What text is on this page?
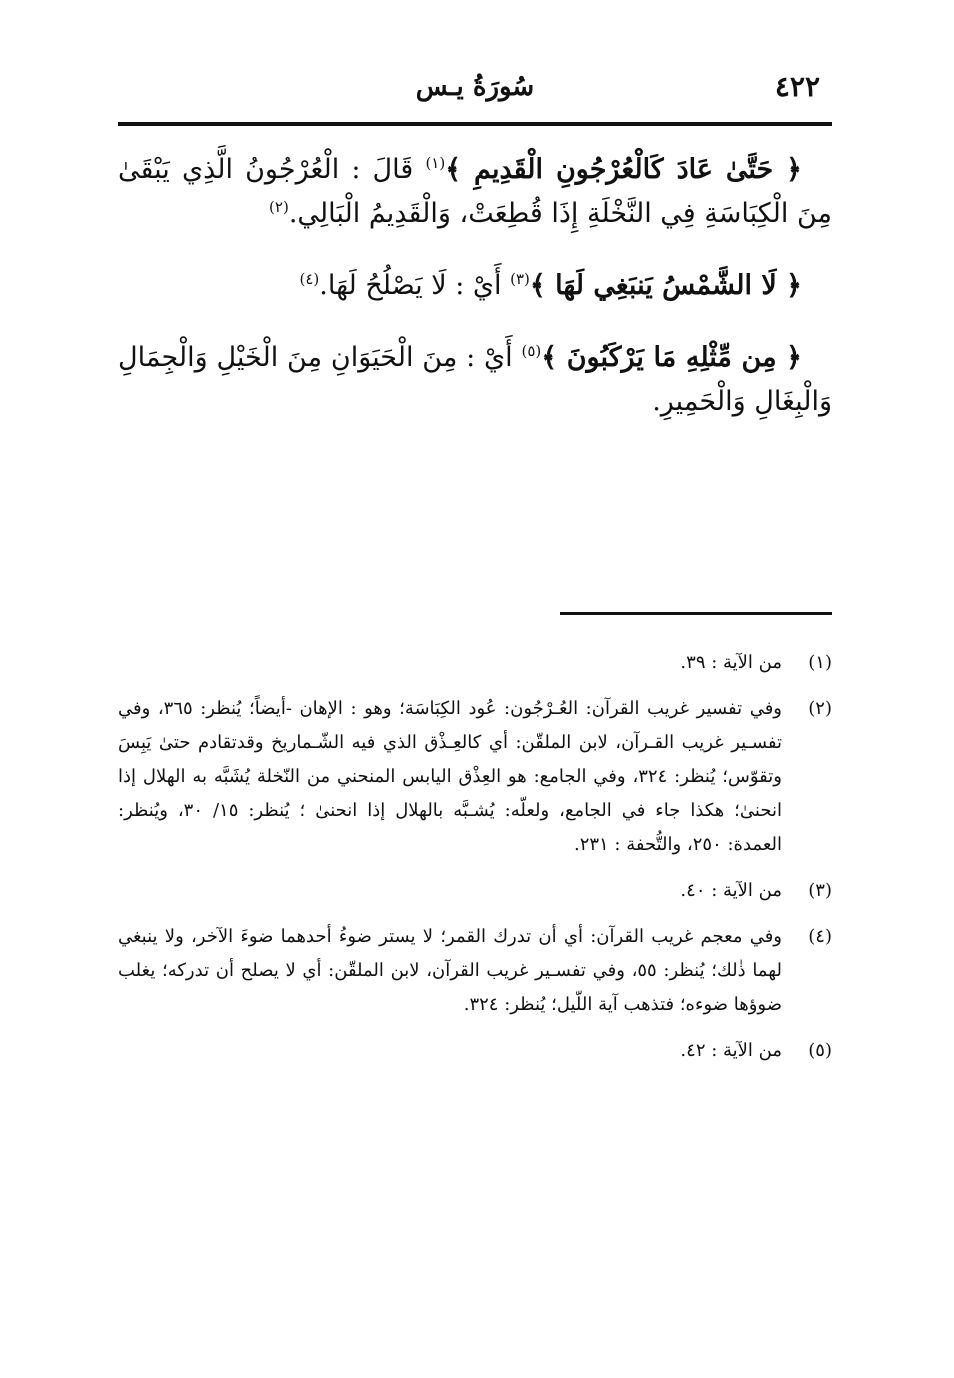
٤٢٢
سُورَةُ يـس

﴿ حَتَّىٰ عَادَ كَالْعُرْجُونِ الْقَدِيمِ ﴾$^{(١)}$ قَالَ : الْعُرْجُونُ الَّذِي يَبْقَىٰ مِنَ الْكِبَاسَةِ فِي النَّخْلَةِ إِذَا قُطِعَتْ، وَالْقَدِيمُ الْبَالِي.$^{(٢)}$

﴿ لَا الشَّمْسُ يَنبَغِي لَهَا ﴾$^{(٣)}$ أَيْ : لَا يَصْلُحُ لَهَا.$^{(٤)}$

﴿ مِن مِّثْلِهِ مَا يَرْكَبُونَ ﴾$^{(٥)}$ أَيْ : مِنَ الْحَيَوَانِ مِنَ الْخَيْلِ وَالْجِمَالِ وَالْبِغَالِ وَالْحَمِيرِ.

(١)
من الآية : ٣٩.
(٢)
وفي تفسير غريب القرآن: العُـرْجُون: عُود الكِبَاسَة؛ وهو : الإهان -أيضاً؛ يُنظر: ٣٦٥، وفي تفسـير غريب القـرآن، لابن الملقّن: أي كالعِـذْق الذي فيه الشّـماريخ وقدتقادم حتىٰ يَبِسَ وتقوّس؛ يُنظر: ٣٢٤، وفي الجامع: هو العِذْق اليابس المنحني من النّخلة يُشَبَّه به الهلال إذا انحنىٰ؛ هكذا جاء في الجامع، ولعلّه: يُشـبَّه بالهلال إذا انحنىٰ ؛ يُنظر: ١٥/ ٣٠، ويُنظر: العمدة: ٢٥٠، والتُّحفة : ٢٣١.
(٣)
من الآية : ٤٠.
(٤)
وفي معجم غريب القرآن: أي أن تدرك القمر؛ لا يستر ضوءُ أحدهما ضوءَ الآخر، ولا ينبغي لهما ذٰلك؛ يُنظر: ٥٥، وفي تفسـير غريب القرآن، لابن الملقّن: أي لا يصلح أن تدركه؛ يغلب ضوؤها ضوءه؛ فتذهب آية اللّيل؛ يُنظر: ٣٢٤.
(٥)
من الآية : ٤٢.
